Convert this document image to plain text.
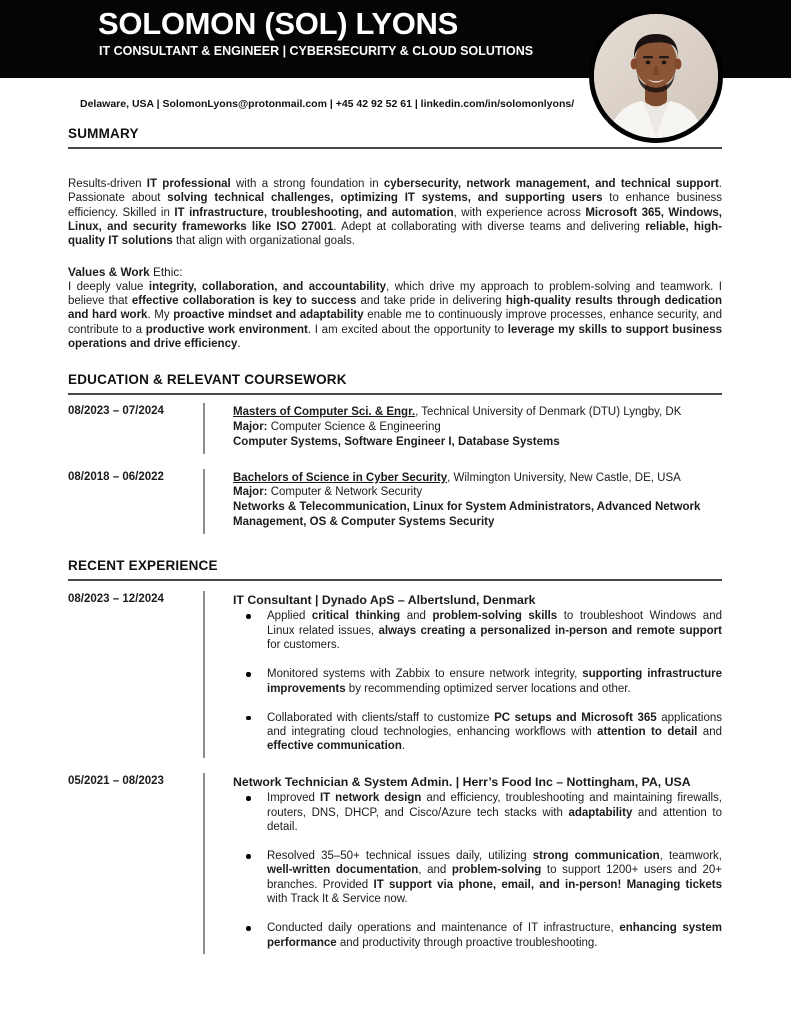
SOLOMON (SOL) LYONS
IT CONSULTANT & ENGINEER | CYBERSECURITY & CLOUD SOLUTIONS
Delaware, USA | SolomonLyons@protonmail.com | +45 42 92 52 61 | linkedin.com/in/solomonlyons/
SUMMARY

Results-driven IT professional with a strong foundation in cybersecurity, network management, and technical support. Passionate about solving technical challenges, optimizing IT systems, and supporting users to enhance business efficiency. Skilled in IT infrastructure, troubleshooting, and automation, with experience across Microsoft 365, Windows, Linux, and security frameworks like ISO 27001. Adept at collaborating with diverse teams and delivering reliable, high-quality IT solutions that align with organizational goals.

Values & Work Ethic:

I deeply value integrity, collaboration, and accountability, which drive my approach to problem-solving and teamwork. I believe that effective collaboration is key to success and take pride in delivering high-quality results through dedication and hard work. My proactive mindset and adaptability enable me to continuously improve processes, enhance security, and contribute to a productive work environment. I am excited about the opportunity to leverage my skills to support business operations and drive efficiency.

EDUCATION & RELEVANT COURSEWORK
08/2023 – 07/2024	Masters of Computer Sci. & Engr., Technical University of Denmark (DTU) Lyngby, DK
Major: Computer Science & Engineering
Computer Systems, Software Engineer I, Database Systems
08/2018 – 06/2022	Bachelors of Science in Cyber Security, Wilmington University, New Castle, DE, USA
Major: Computer & Network Security
Networks & Telecommunication, Linux for System Administrators, Advanced Network Management, OS & Computer Systems Security
RECENT EXPERIENCE
08/2023 – 12/2024	IT Consultant | Dynado ApS – Albertslund, Denmark
Applied critical thinking and problem-solving skills to troubleshoot Windows and Linux related issues, always creating a personalized in-person and remote support for customers.
Monitored systems with Zabbix to ensure network integrity, supporting infrastructure improvements by recommending optimized server locations and other.
Collaborated with clients/staff to customize PC setups and Microsoft 365 applications and integrating cloud technologies, enhancing workflows with attention to detail and effective communication.
05/2021 – 08/2023	Network Technician & System Admin. | Herr’s Food Inc – Nottingham, PA, USA
Improved IT network design and efficiency, troubleshooting and maintaining firewalls, routers, DNS, DHCP, and Cisco/Azure tech stacks with adaptability and attention to detail.
Resolved 35–50+ technical issues daily, utilizing strong communication, teamwork, well-written documentation, and problem-solving to support 1200+ users and 20+ branches. Provided IT support via phone, email, and in-person! Managing tickets with Track It & Service now.
Conducted daily operations and maintenance of IT infrastructure, enhancing system performance and productivity through proactive troubleshooting.
